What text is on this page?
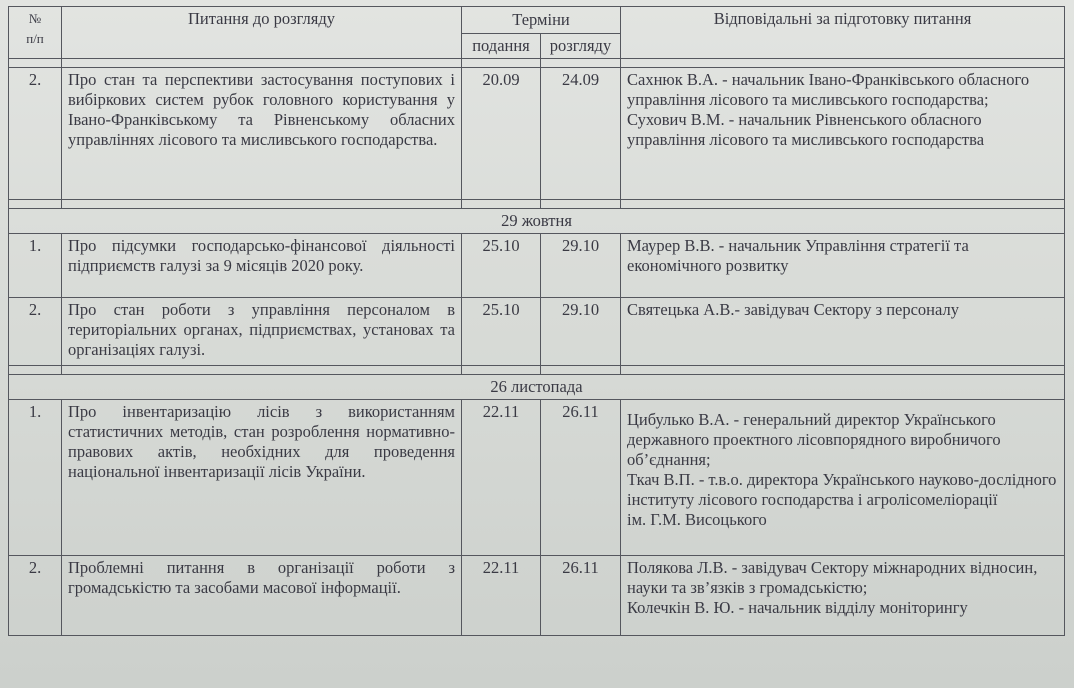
№
п/п	Питання до розгляду	Терміни		Відповідальні за підготовку питання
		подання	розгляду	

2.	Про стан та перспективи застосування поступових і вибіркових систем рубок головного користування у Івано-Франківському та Рівненському обласних управліннях лісового та мисливського господарства.	20.09	24.09	Сахнюк В.А. - начальник Івано-Франківського обласного управління лісового та мисливського господарства;
Сухович В.М. - начальник Рівненського обласного управління лісового та мисливського господарства

29 жовтня				
1.	Про підсумки господарсько-фінансової діяльності підприємств галузі за 9 місяців 2020 року.	25.10	29.10	Маурер В.В. - начальник Управління стратегії та економічного розвитку
2.	Про стан роботи з управління персоналом в територіальних органах, підприємствах, установах та організаціях галузі.	25.10	29.10	Святецька А.В.- завідувач Сектору з персоналу

26 листопада				
1.	Про інвентаризацію лісів з використанням статистичних методів, стан розроблення нормативно-правових актів, необхідних для проведення національної інвентаризації лісів України.	22.11	26.11	Цибулько В.А. - генеральний директор Українського державного проектного лісовпорядного виробничого об’єднання;
Ткач В.П. - т.в.о. директора Українського науково-дослідного інституту лісового господарства і агролісомеліорації
ім. Г.М. Висоцького
2.	Проблемні питання в організації роботи з громадськістю та засобами масової інформації.	22.11	26.11	Полякова Л.В. - завідувач Сектору міжнародних відносин, науки та зв’язків з громадськістю;
Колечкін В. Ю. - начальник відділу моніторингу
